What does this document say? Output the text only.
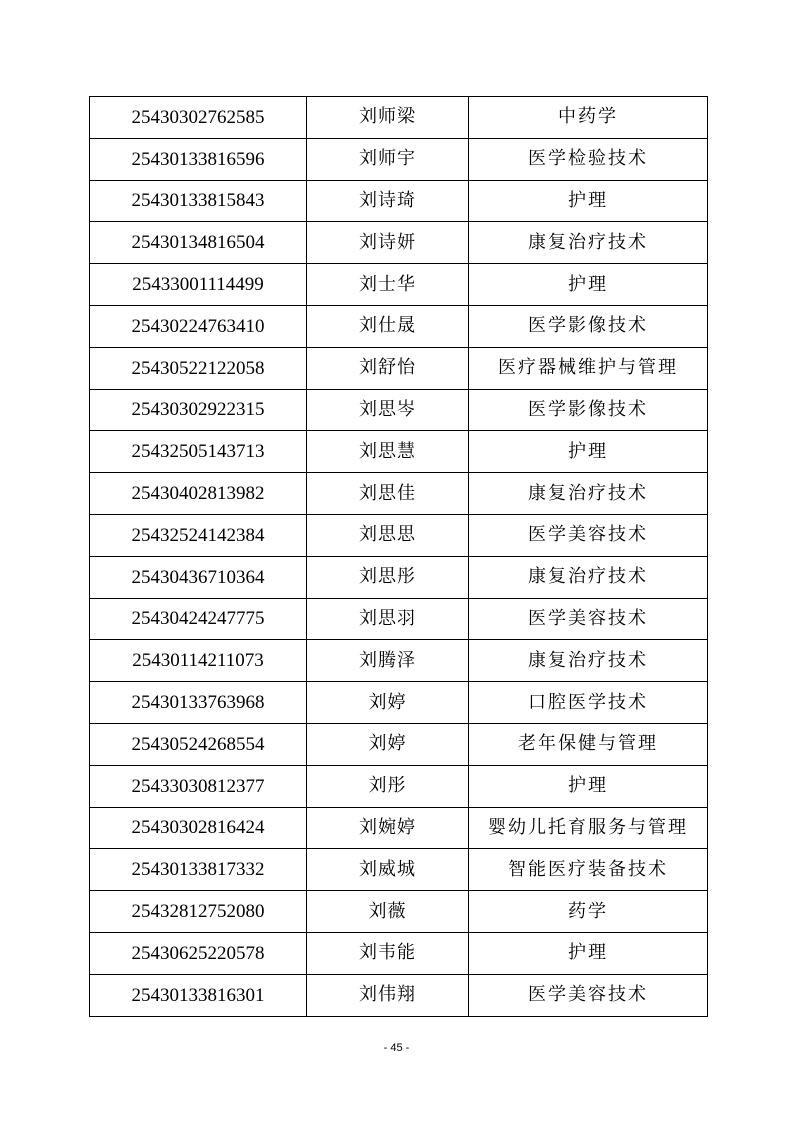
25430302762585	刘师梁	中药学
25430133816596	刘师宇	医学检验技术
25430133815843	刘诗琦	护理
25430134816504	刘诗妍	康复治疗技术
25433001114499	刘士华	护理
25430224763410	刘仕晟	医学影像技术
25430522122058	刘舒怡	医疗器械维护与管理
25430302922315	刘思岑	医学影像技术
25432505143713	刘思慧	护理
25430402813982	刘思佳	康复治疗技术
25432524142384	刘思思	医学美容技术
25430436710364	刘思彤	康复治疗技术
25430424247775	刘思羽	医学美容技术
25430114211073	刘腾泽	康复治疗技术
25430133763968	刘婷	口腔医学技术
25430524268554	刘婷	老年保健与管理
25433030812377	刘彤	护理
25430302816424	刘婉婷	婴幼儿托育服务与管理
25430133817332	刘威城	智能医疗装备技术
25432812752080	刘薇	药学
25430625220578	刘韦能	护理
25430133816301	刘伟翔	医学美容技术
- 45 -
